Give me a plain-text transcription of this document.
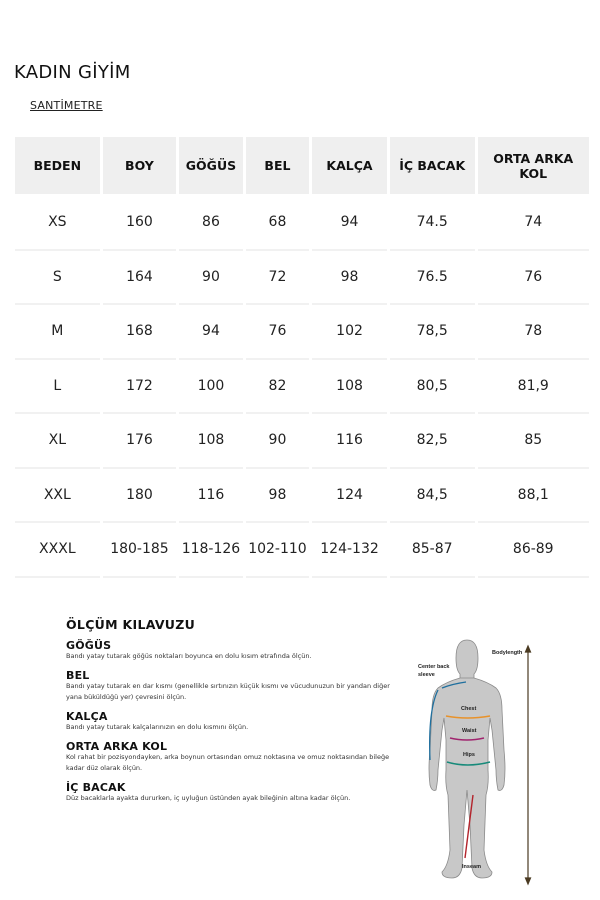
KADIN GİYİM
SANTİMETRE
BEDEN	BOY	GÖĞÜS	BEL	KALÇA	İÇ BACAK	ORTA ARKA KOL
XS	160	86	68	94	74.5	74
S	164	90	72	98	76.5	76
M	168	94	76	102	78,5	78
L	172	100	82	108	80,5	81,9
XL	176	108	90	116	82,5	85
XXL	180	116	98	124	84,5	88,1
XXXL	180-185	118-126	102-110	124-132	85-87	86-89
ÖLÇÜM KILAVUZU
GÖĞÜS

Bandı yatay tutarak göğüs noktaları boyunca en dolu kısım etrafında ölçün.

BEL

Bandı yatay tutarak en dar kısmı (genellikle sırtınızın küçük kısmı ve vücudunuzun bir yandan diğer yana büküldüğü yer) çevresini ölçün.

KALÇA

Bandı yatay tutarak kalçalarınızın en dolu kısmını ölçün.

ORTA ARKA KOL

Kol rahat bir pozisyondayken, arka boynun ortasından omuz noktasına ve omuz noktasından bileğe kadar düz olarak ölçün.

İÇ BACAK

Düz bacaklarla ayakta dururken, iç uyluğun üstünden ayak bileğinin altına kadar ölçün.

Bodylength
Center back
sleeve
Chest
Waist
Hips
Inseam
